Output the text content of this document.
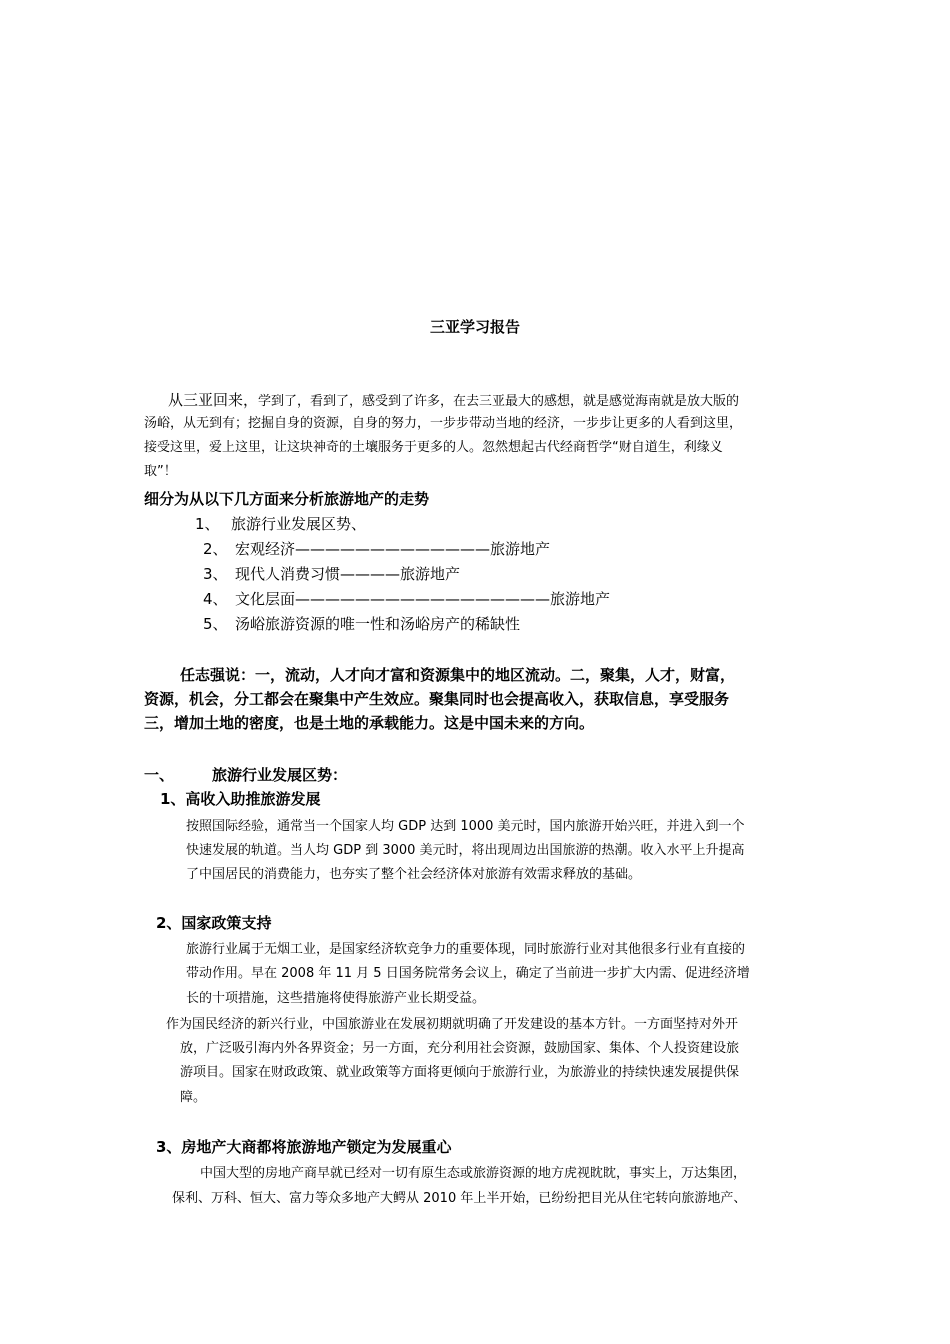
三亚学习报告
从三亚回来，学到了，看到了，感受到了许多，在去三亚最大的感想，就是感觉海南就是放大版的
汤峪，从无到有；挖掘自身的资源，自身的努力，一步步带动当地的经济，一步步让更多的人看到这里，
接受这里，爱上这里，让这块神奇的土壤服务于更多的人。忽然想起古代经商哲学“财自道生，利缘义
取”！
细分为从以下几方面来分析旅游地产的走势
1、 旅游行业发展区势、
2、 宏观经济—————————————旅游地产
3、 现代人消费习惯————旅游地产
4、 文化层面—————————————————旅游地产
5、 汤峪旅游资源的唯一性和汤峪房产的稀缺性
任志强说：一，流动，人才向才富和资源集中的地区流动。二，聚集，人才，财富，
资源，机会，分工都会在聚集中产生效应。聚集同时也会提高收入，获取信息，享受服务
三，增加土地的密度，也是土地的承载能力。这是中国未来的方向。
一、	旅游行业发展区势：
1、高收入助推旅游发展
按照国际经验，通常当一个国家人均 GDP 达到 1000 美元时，国内旅游开始兴旺，并进入到一个
快速发展的轨道。当人均 GDP 到 3000 美元时，将出现周边出国旅游的热潮。收入水平上升提高
了中国居民的消费能力，也夯实了整个社会经济体对旅游有效需求释放的基础。
2、国家政策支持
旅游行业属于无烟工业，是国家经济软竞争力的重要体现，同时旅游行业对其他很多行业有直接的
带动作用。早在 2008 年 11 月 5 日国务院常务会议上，确定了当前进一步扩大内需、促进经济增
长的十项措施，这些措施将使得旅游产业长期受益。
作为国民经济的新兴行业，中国旅游业在发展初期就明确了开发建设的基本方针。一方面坚持对外开
放，广泛吸引海内外各界资金；另一方面，充分利用社会资源，鼓励国家、集体、个人投资建设旅
游项目。国家在财政政策、就业政策等方面将更倾向于旅游行业，为旅游业的持续快速发展提供保
障。
3、房地产大商都将旅游地产锁定为发展重心
中国大型的房地产商早就已经对一切有原生态或旅游资源的地方虎视眈眈，事实上，万达集团，
保利、万科、恒大、富力等众多地产大鳄从 2010 年上半开始，已纷纷把目光从住宅转向旅游地产、
